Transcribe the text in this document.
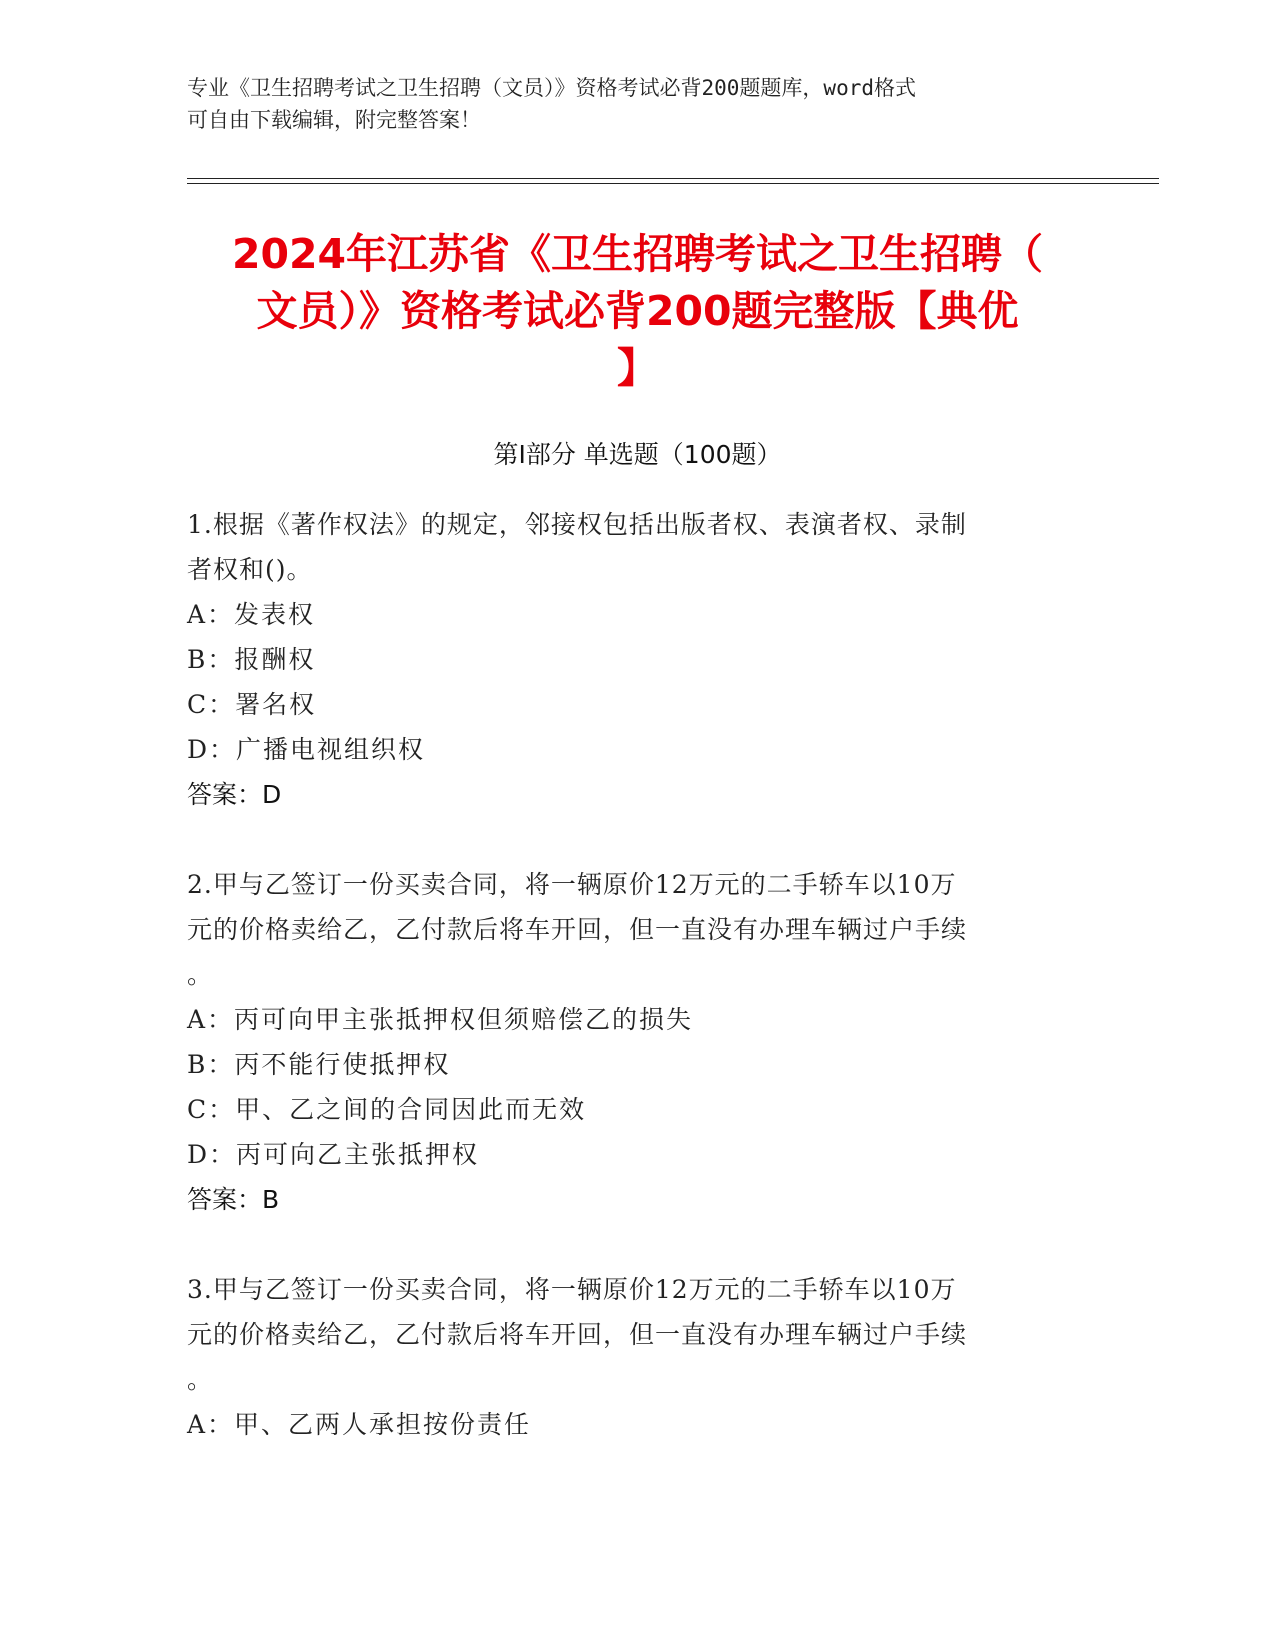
专业《卫生招聘考试之卫生招聘（文员）》资格考试必背200题题库，word格式
可自由下载编辑，附完整答案！
2024年江苏省《卫生招聘考试之卫生招聘（
文员）》资格考试必背200题完整版【典优
】
第Ⅰ部分 单选题（100题）
1.根据《著作权法》的规定，邻接权包括出版者权、表演者权、录制
者权和()。
A：发表权
B：报酬权
C：署名权
D：广播电视组织权
答案：D
2.甲与乙签订一份买卖合同，将一辆原价12万元的二手轿车以10万
元的价格卖给乙，乙付款后将车开回，但一直没有办理车辆过户手续
。
A：丙可向甲主张抵押权但须赔偿乙的损失
B：丙不能行使抵押权
C：甲、乙之间的合同因此而无效
D：丙可向乙主张抵押权
答案：B
3.甲与乙签订一份买卖合同，将一辆原价12万元的二手轿车以10万
元的价格卖给乙，乙付款后将车开回，但一直没有办理车辆过户手续
。
A：甲、乙两人承担按份责任
